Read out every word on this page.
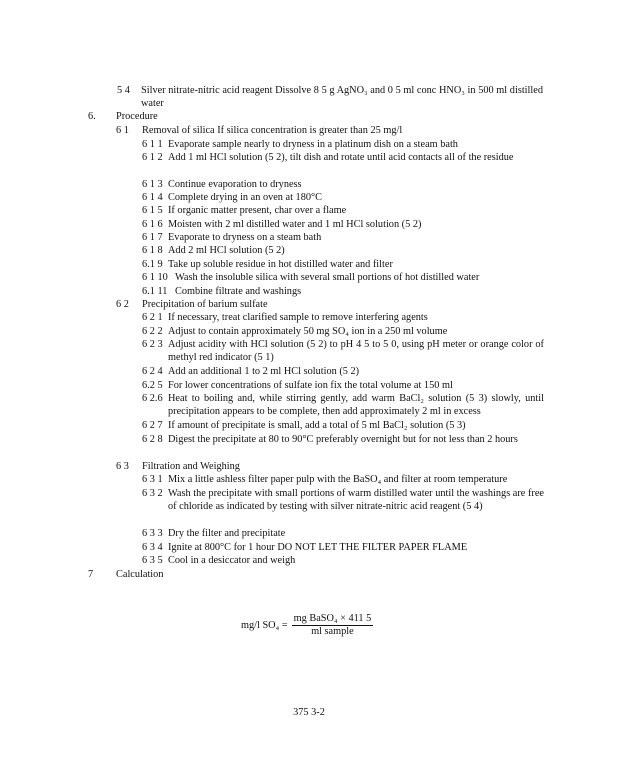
5 4 Silver nitrate-nitric acid reagent Dissolve 8 5 g AgNO₃ and 0 5 ml conc HNO₃ in 500 ml distilled water
6. Procedure
6 1 Removal of silica If silica concentration is greater than 25 mg/l
6 1 1 Evaporate sample nearly to dryness in a platinum dish on a steam bath
6 1 2 Add 1 ml HCl solution (5 2), tilt dish and rotate until acid contacts all of the residue
6 1 3 Continue evaporation to dryness
6 1 4 Complete drying in an oven at 180°C
6 1 5 If organic matter present, char over a flame
6 1 6 Moisten with 2 ml distilled water and 1 ml HCl solution (5 2)
6 1 7 Evaporate to dryness on a steam bath
6 1 8 Add 2 ml HCl solution (5 2)
6.1 9 Take up soluble residue in hot distilled water and filter
6 1 10 Wash the insoluble silica with several small portions of hot distilled water
6.1 11 Combine filtrate and washings
6 2 Precipitation of barium sulfate
6 2 1 If necessary, treat clarified sample to remove interfering agents
6 2 2 Adjust to contain approximately 50 mg SO₄ ion in a 250 ml volume
6 2 3 Adjust acidity with HCl solution (5 2) to pH 4 5 to 5 0, using pH meter or orange color of methyl red indicator (5 1)
6 2 4 Add an additional 1 to 2 ml HCl solution (5 2)
6.2 5 For lower concentrations of sulfate ion fix the total volume at 150 ml
6 2.6 Heat to boiling and, while stirring gently, add warm BaCl₂ solution (5 3) slowly, until precipitation appears to be complete, then add approximately 2 ml in excess
6 2 7 If amount of precipitate is small, add a total of 5 ml BaCl₂ solution (5 3)
6 2 8 Digest the precipitate at 80 to 90°C preferably overnight but for not less than 2 hours
6 3 Filtration and Weighing
6 3 1 Mix a little ashless filter paper pulp with the BaSO₄ and filter at room temperature
6 3 2 Wash the precipitate with small portions of warm distilled water until the washings are free of chloride as indicated by testing with silver nitrate-nitric acid reagent (5 4)
6 3 3 Dry the filter and precipitate
6 3 4 Ignite at 800°C for 1 hour DO NOT LET THE FILTER PAPER FLAME
6 3 5 Cool in a desiccator and weigh
7 Calculation
mg/l $SO_4 = \frac{\text{mg BaSO₄ × 411 5}}{\text{ml sample}}$
375 3-2
